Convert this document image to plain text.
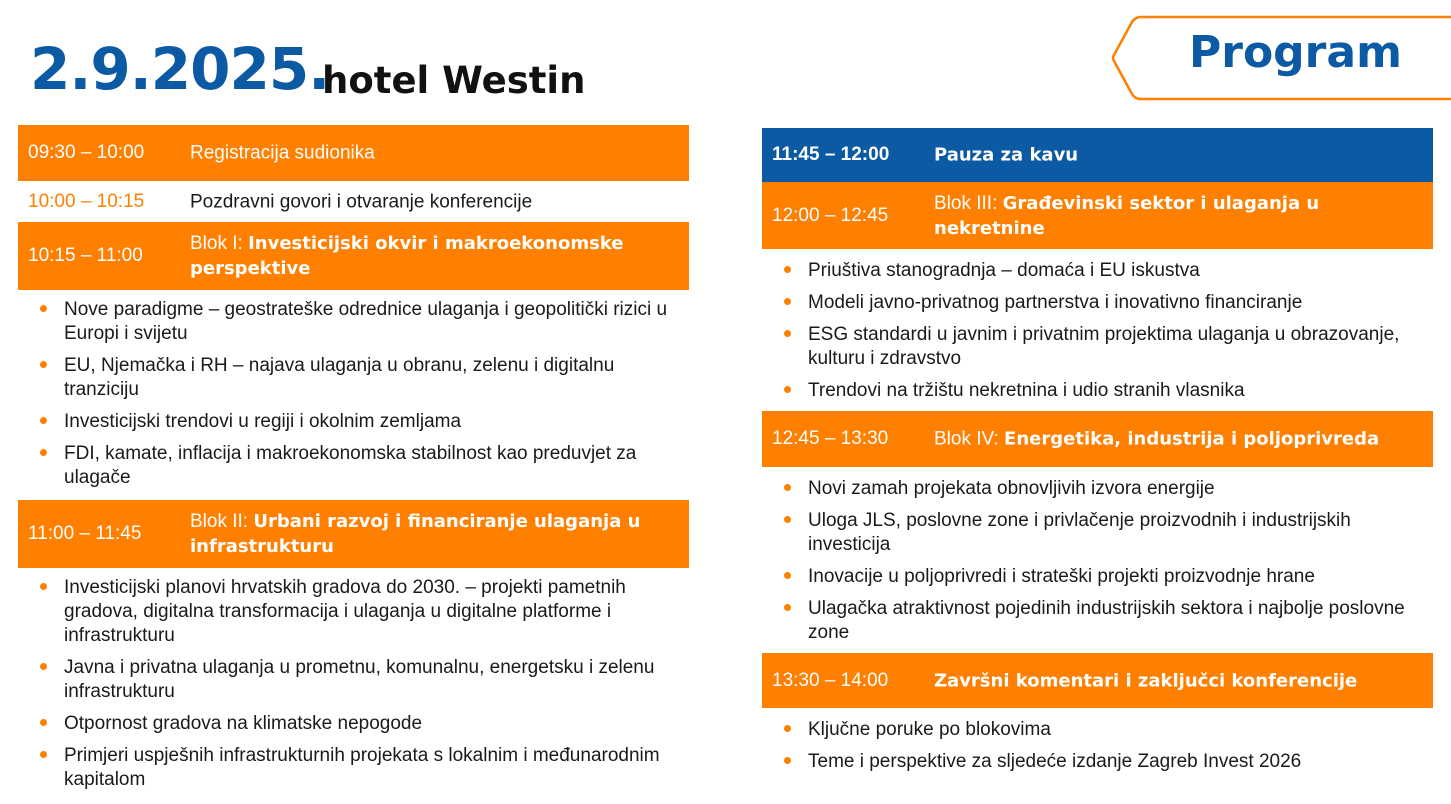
2.9.2025.
hotel Westin
Program
09:30 – 10:00 Registracija sudionika
10:00 – 10:15 Pozdravni govori i otvaranje konferencije
10:15 – 11:00
Blok I: Investicijski okvir i makroekonomske perspektive
Nove paradigme – geostrateške odrednice ulaganja i geopolitički rizici u Europi i svijetu
EU, Njemačka i RH – najava ulaganja u obranu, zelenu i digitalnu tranziciju
Investicijski trendovi u regiji i okolnim zemljama
FDI, kamate, inflacija i makroekonomska stabilnost kao preduvjet za ulagače
11:00 – 11:45
Blok II: Urbani razvoj i financiranje ulaganja u infrastrukturu
Investicijski planovi hrvatskih gradova do 2030. – projekti pametnih gradova, digitalna transformacija i ulaganja u digitalne platforme i infrastrukturu
Javna i privatna ulaganja u prometnu, komunalnu, energetsku i zelenu infrastrukturu
Otpornost gradova na klimatske nepogode
Primjeri uspješnih infrastrukturnih projekata s lokalnim i međunarodnim kapitalom
11:45 – 12:00 Pauza za kavu
12:00 – 12:45
Blok III: Građevinski sektor i ulaganja u nekretnine
Priuštiva stanogradnja – domaća i EU iskustva
Modeli javno-privatnog partnerstva i inovativno financiranje
ESG standardi u javnim i privatnim projektima ulaganja u obrazovanje, kulturu i zdravstvo
Trendovi na tržištu nekretnina i udio stranih vlasnika
12:45 – 13:30 Blok IV: Energetika, industrija i poljoprivreda
Novi zamah projekata obnovljivih izvora energije
Uloga JLS, poslovne zone i privlačenje proizvodnih i industrijskih investicija
Inovacije u poljoprivredi i strateški projekti proizvodnje hrane
Ulagačka atraktivnost pojedinih industrijskih sektora i najbolje poslovne zone
13:30 – 14:00	Završni komentari i zaključci konferencije
Ključne poruke po blokovima
Teme i perspektive za sljedeće izdanje Zagreb Invest 2026
